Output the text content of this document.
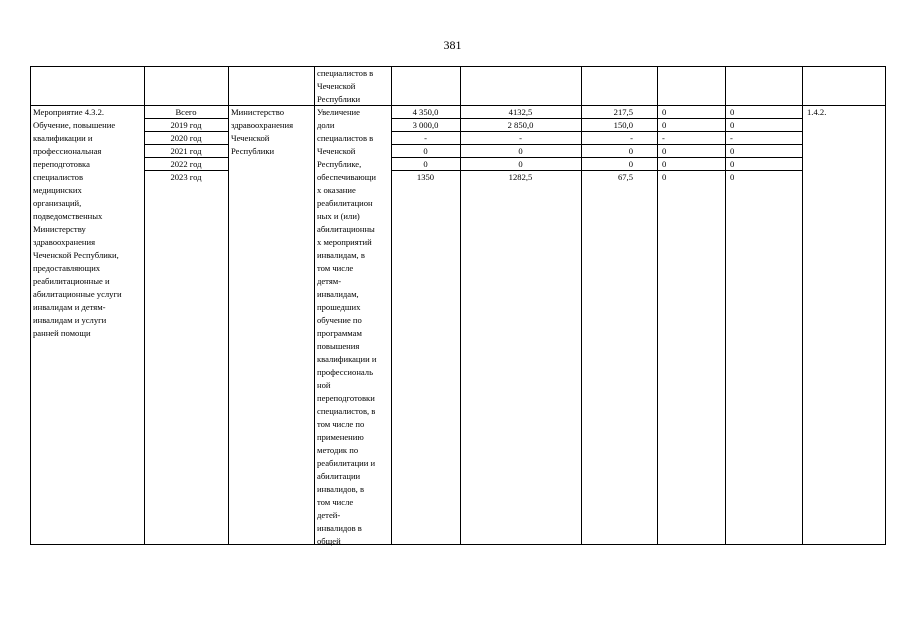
381
специалистов в
Чеченской
Республики
Мероприятие 4.3.2.
Обучение, повышение
квалификации и
профессиональная
переподготовка
специалистов
медицинских
организаций,
подведомственных
Министерству
здравоохранения
Чеченской Республики,
предоставляющих
реабилитационные и
абилитационные услуги
инвалидам и детям-
инвалидам и услуги
ранней помощи
Всего
2019 год
2020 год
2021 год
2022 год
2023 год
Министерство
здравоохранения
Чеченской
Республики
Увеличение
доли
специалистов в
Чеченской
Республике,
обеспечивающи
х оказание
реабилитацион
ных и (или)
абилитационны
х мероприятий
инвалидам, в
том числе
детям-
инвалидам,
прошедших
обучение по
программам
повышения
квалификации и
профессиональ
ной
переподготовки
специалистов, в
том числе по
применению
методик по
реабилитации и
абилитации
инвалидов, в
том числе
детей-
инвалидов в
общей
4 350,0
3 000,0
-
0
0
1350
4132,5
2 850,0
-
0
0
1282,5
217,5
150,0
-
0
0
67,5
0
0
-
0
0
0
0
0
-
0
0
0
1.4.2.
